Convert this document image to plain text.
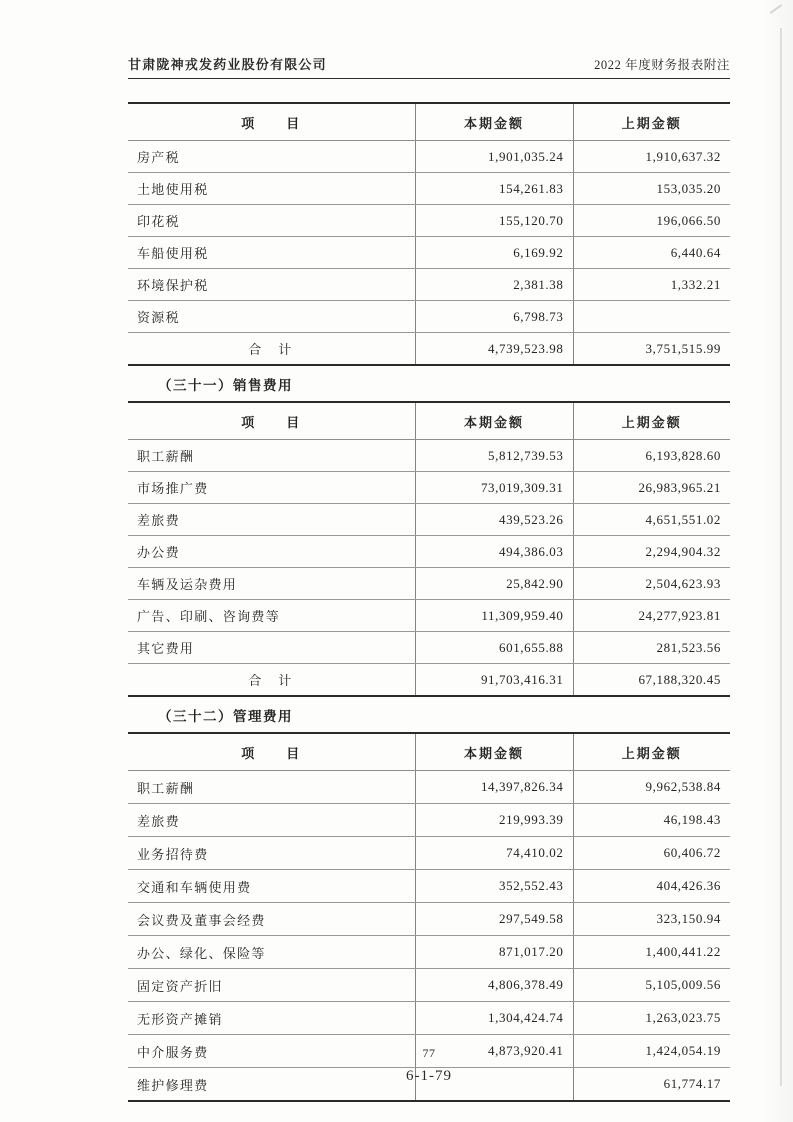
甘肃陇神戎发药业股份有限公司	2022 年度财务报表附注
项　　目	本期金额	上期金额
房产税	1,901,035.24	1,910,637.32
土地使用税	154,261.83	153,035.20
印花税	155,120.70	196,066.50
车船使用税	6,169.92	6,440.64
环境保护税	2,381.38	1,332.21
资源税	6,798.73	
合　计	4,739,523.98	3,751,515.99
（三十一）销售费用
项　　目	本期金额	上期金额
职工薪酬	5,812,739.53	6,193,828.60
市场推广费	73,019,309.31	26,983,965.21
差旅费	439,523.26	4,651,551.02
办公费	494,386.03	2,294,904.32
车辆及运杂费用	25,842.90	2,504,623.93
广告、印刷、咨询费等	11,309,959.40	24,277,923.81
其它费用	601,655.88	281,523.56
合　计	91,703,416.31	67,188,320.45
（三十二）管理费用
项　　目	本期金额	上期金额
职工薪酬	14,397,826.34	9,962,538.84
差旅费	219,993.39	46,198.43
业务招待费	74,410.02	60,406.72
交通和车辆使用费	352,552.43	404,426.36
会议费及董事会经费	297,549.58	323,150.94
办公、绿化、保险等	871,017.20	1,400,441.22
固定资产折旧	4,806,378.49	5,105,009.56
无形资产摊销	1,304,424.74	1,263,023.75
中介服务费	4,873,920.41	1,424,054.19
维护修理费		61,774.17
77
6-1-79
